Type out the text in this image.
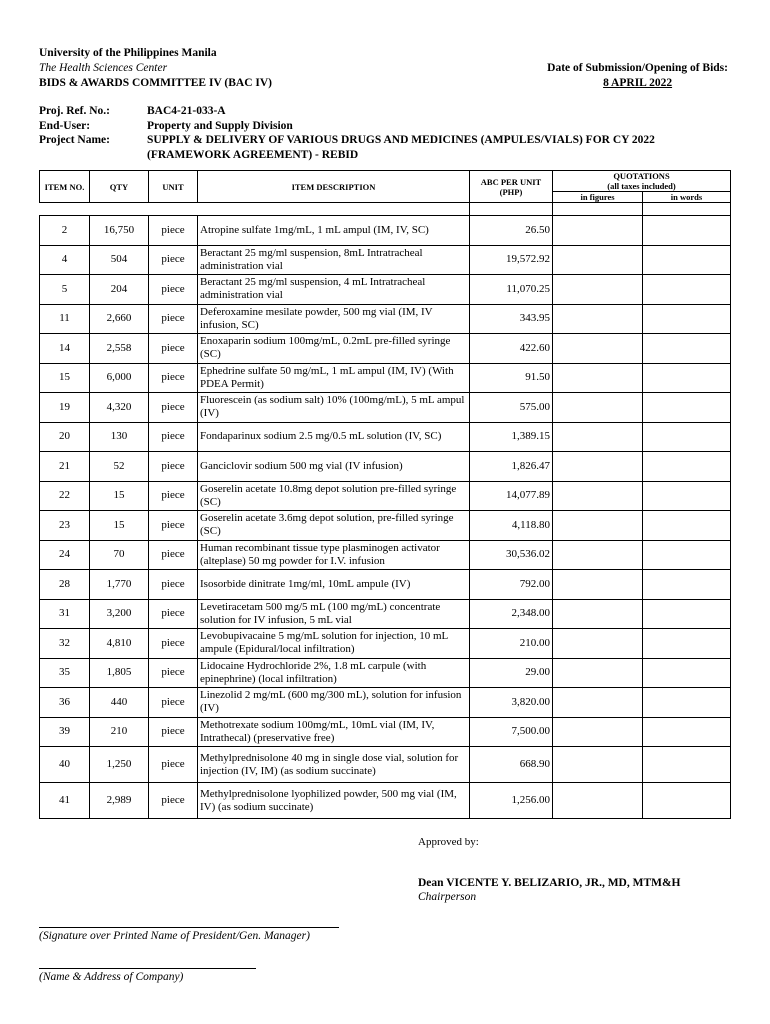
University of the Philippines Manila
The Health Sciences Center
BIDS & AWARDS COMMITTEE IV (BAC IV)
Date of Submission/Opening of Bids:
8 APRIL 2022
Proj. Ref. No.:	BAC4-21-033-A
End-User:	Property and Supply Division
Project Name:	SUPPLY & DELIVERY OF VARIOUS DRUGS AND MEDICINES (AMPULES/VIALS) FOR CY 2022
(FRAMEWORK AGREEMENT) - REBID
ITEM NO.	QTY	UNIT	ITEM DESCRIPTION	ABC PER UNIT (PHP)	QUOTATIONS
(all taxes included)	

					in figures	in words

2	16,750	piece	Atropine sulfate 1mg/mL, 1 mL ampul (IM, IV, SC)	26.50		
4	504	piece	Beractant 25 mg/ml suspension, 8mL Intratracheal administration vial	19,572.92		
5	204	piece	Beractant 25 mg/ml suspension, 4 mL Intratracheal administration vial	11,070.25		
11	2,660	piece	Deferoxamine mesilate powder, 500 mg vial (IM, IV infusion, SC)	343.95		
14	2,558	piece	Enoxaparin sodium 100mg/mL, 0.2mL pre-filled syringe (SC)	422.60		
15	6,000	piece	Ephedrine sulfate 50 mg/mL, 1 mL ampul (IM, IV) (With PDEA Permit)	91.50		
19	4,320	piece	Fluorescein (as sodium salt) 10% (100mg/mL), 5 mL ampul (IV)	575.00		
20	130	piece	Fondaparinux sodium 2.5 mg/0.5 mL solution (IV, SC)	1,389.15		
21	52	piece	Ganciclovir sodium 500 mg vial (IV infusion)	1,826.47		
22	15	piece	Goserelin acetate 10.8mg depot solution pre-filled syringe (SC)	14,077.89		
23	15	piece	Goserelin acetate 3.6mg depot solution, pre-filled syringe (SC)	4,118.80		
24	70	piece	Human recombinant tissue type plasminogen activator (alteplase) 50 mg powder for I.V. infusion	30,536.02		
28	1,770	piece	Isosorbide dinitrate 1mg/ml, 10mL ampule (IV)	792.00		
31	3,200	piece	Levetiracetam 500 mg/5 mL (100 mg/mL) concentrate solution for IV infusion, 5 mL vial	2,348.00		
32	4,810	piece	Levobupivacaine 5 mg/mL solution for injection, 10 mL ampule (Epidural/local infiltration)	210.00		
35	1,805	piece	Lidocaine Hydrochloride 2%, 1.8 mL carpule (with epinephrine) (local infiltration)	29.00		
36	440	piece	Linezolid 2 mg/mL (600 mg/300 mL), solution for infusion (IV)	3,820.00		
39	210	piece	Methotrexate sodium 100mg/mL, 10mL vial (IM, IV, Intrathecal) (preservative free)	7,500.00		
40	1,250	piece	Methylprednisolone 40 mg in single dose vial, solution for injection (IV, IM) (as sodium succinate)	668.90		
41	2,989	piece	Methylprednisolone lyophilized powder, 500 mg vial (IM, IV) (as sodium succinate)	1,256.00		
Approved by:
Dean VICENTE Y. BELIZARIO, JR., MD, MTM&H
Chairperson
(Signature over Printed Name of President/Gen. Manager)
(Name & Address of Company)
